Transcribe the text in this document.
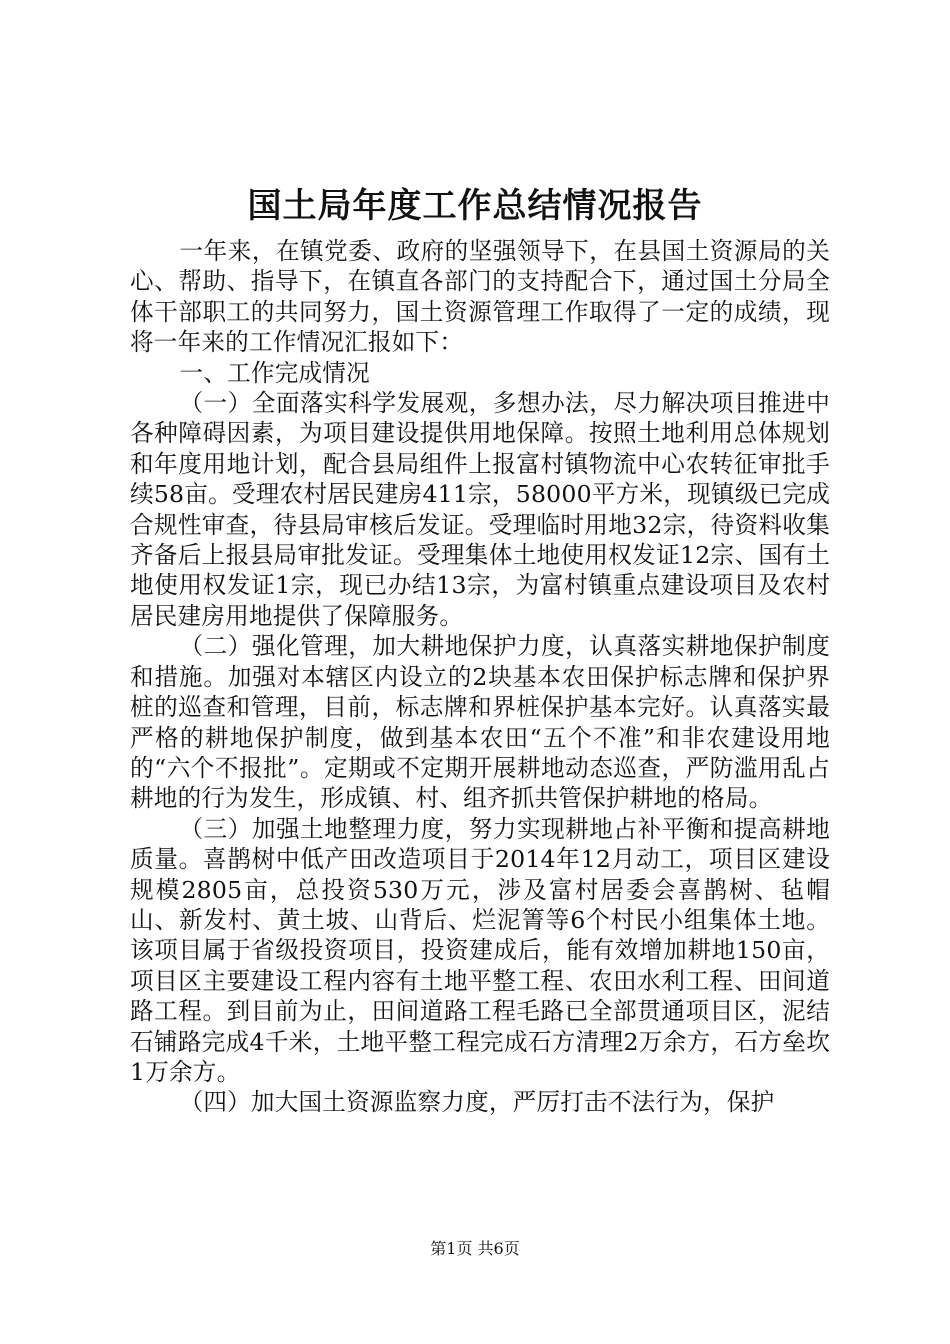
国土局年度工作总结情况报告

一年来，在镇党委、政府的坚强领导下，在县国土资源局的关心、帮助、指导下，在镇直各部门的支持配合下，通过国土分局全体干部职工的共同努力，国土资源管理工作取得了一定的成绩，现将一年来的工作情况汇报如下：

一、工作完成情况

（一）全面落实科学发展观，多想办法，尽力解决项目推进中各种障碍因素，为项目建设提供用地保障。按照土地利用总体规划和年度用地计划，配合县局组件上报富村镇物流中心农转征审批手续58亩。受理农村居民建房411宗，58000平方米，现镇级已完成合规性审查，待县局审核后发证。受理临时用地32宗，待资料收集齐备后上报县局审批发证。受理集体土地使用权发证12宗、国有土地使用权发证1宗，现已办结13宗，为富村镇重点建设项目及农村居民建房用地提供了保障服务。

（二）强化管理，加大耕地保护力度，认真落实耕地保护制度和措施。加强对本辖区内设立的2块基本农田保护标志牌和保护界桩的巡查和管理，目前，标志牌和界桩保护基本完好。认真落实最严格的耕地保护制度，做到基本农田“五个不准”和非农建设用地的“六个不报批”。定期或不定期开展耕地动态巡查，严防滥用乱占耕地的行为发生，形成镇、村、组齐抓共管保护耕地的格局。

（三）加强土地整理力度，努力实现耕地占补平衡和提高耕地质量。喜鹊树中低产田改造项目于2014年12月动工，项目区建设规模2805亩，总投资530万元，涉及富村居委会喜鹊树、毡帽山、新发村、黄土坡、山背后、烂泥箐等6个村民小组集体土地。该项目属于省级投资项目，投资建成后，能有效增加耕地150亩，项目区主要建设工程内容有土地平整工程、农田水利工程、田间道路工程。到目前为止，田间道路工程毛路已全部贯通项目区，泥结石铺路完成4千米，土地平整工程完成石方清理2万余方，石方垒坎1万余方。

（四）加大国土资源监察力度，严厉打击不法行为，保护

第1页 共6页
